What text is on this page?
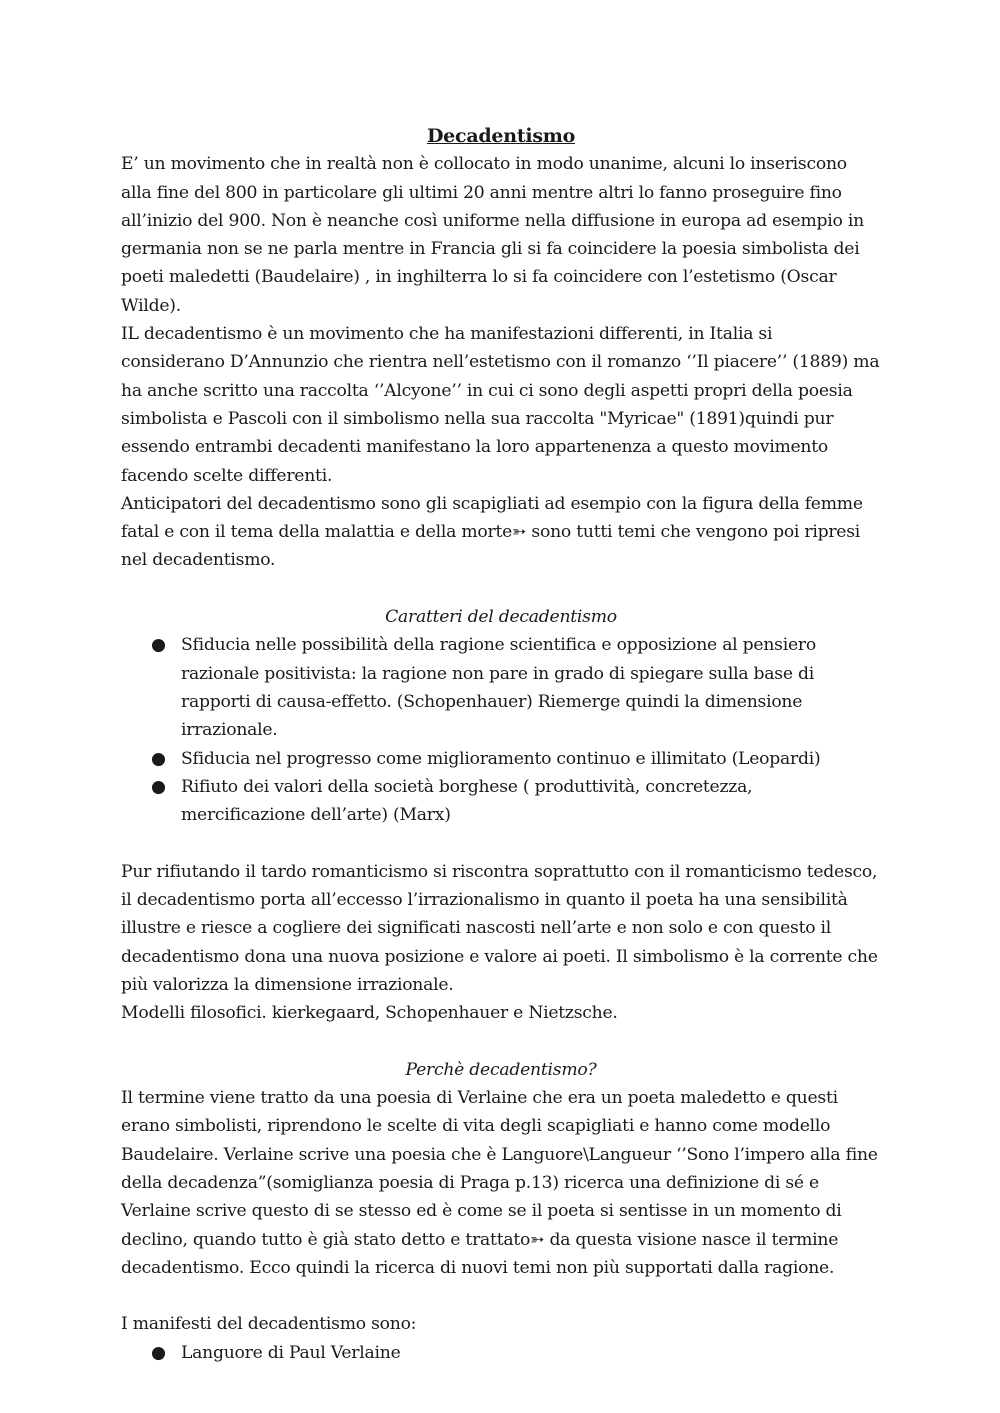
Decadentismo

E’ un movimento che in realtà non è collocato in modo unanime, alcuni lo inseriscono alla fine del 800 in particolare gli ultimi 20 anni mentre altri lo fanno proseguire fino all’inizio del 900. Non è neanche così uniforme nella diffusione in europa ad esempio in germania non se ne parla mentre in Francia gli si fa coincidere la poesia simbolista dei poeti maledetti (Baudelaire) , in inghilterra lo si fa coincidere con l’estetismo (Oscar Wilde).

IL decadentismo è un movimento che ha manifestazioni differenti, in Italia si considerano D’Annunzio che rientra nell’estetismo con il romanzo ‘’Il piacere’’ (1889) ma ha anche scritto una raccolta ‘’Alcyone’’ in cui ci sono degli aspetti propri della poesia simbolista e Pascoli con il simbolismo nella sua raccolta "Myricae" (1891)quindi pur essendo entrambi decadenti manifestano la loro appartenenza a questo movimento facendo scelte differenti.

Anticipatori del decadentismo sono gli scapigliati ad esempio con la figura della femme fatal e con il tema della malattia e della morte➳ sono tutti temi che vengono poi ripresi nel decadentismo.

Caratteri del decadentismo

● Sfiducia nelle possibilità della ragione scientifica e opposizione al pensiero razionale positivista: la ragione non pare in grado di spiegare sulla base di rapporti di causa-effetto. (Schopenhauer) Riemerge quindi la dimensione irrazionale.
● Sfiducia nel progresso come miglioramento continuo e illimitato (Leopardi)
● Rifiuto dei valori della società borghese ( produttività, concretezza, mercificazione dell’arte) (Marx)

Pur rifiutando il tardo romanticismo si riscontra soprattutto con il romanticismo tedesco, il decadentismo porta all’eccesso l’irrazionalismo in quanto il poeta ha una sensibilità illustre e riesce a cogliere dei significati nascosti nell’arte e non solo e con questo il decadentismo dona una nuova posizione e valore ai poeti. Il simbolismo è la corrente che più valorizza la dimensione irrazionale.

Modelli filosofici. kierkegaard, Schopenhauer e Nietzsche.

Perchè decadentismo?

Il termine viene tratto da una poesia di Verlaine che era un poeta maledetto e questi erano simbolisti, riprendono le scelte di vita degli scapigliati e hanno come modello Baudelaire. Verlaine scrive una poesia che è Languore\Langueur ‘’Sono l’impero alla fine della decadenza”(somiglianza poesia di Praga p.13) ricerca una definizione di sé e Verlaine scrive questo di se stesso ed è come se il poeta si sentisse in un momento di declino, quando tutto è già stato detto e trattato➳ da questa visione nasce il termine decadentismo. Ecco quindi la ricerca di nuovi temi non più supportati dalla ragione.

I manifesti del decadentismo sono:

● Languore di Paul Verlaine
